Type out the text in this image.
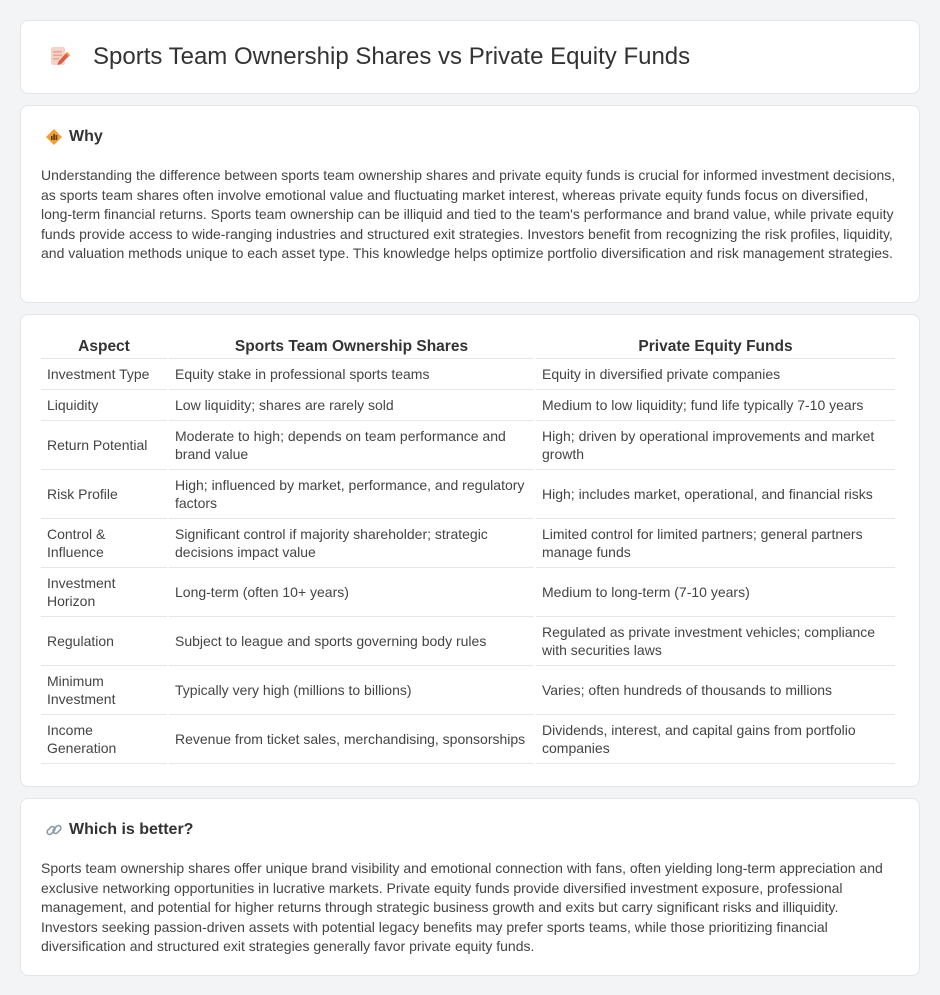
Sports Team Ownership Shares vs Private Equity Funds
Why

Understanding the difference between sports team ownership shares and private equity funds is crucial for informed investment decisions, as sports team shares often involve emotional value and fluctuating market interest, whereas private equity funds focus on diversified, long-term financial returns. Sports team ownership can be illiquid and tied to the team's performance and brand value, while private equity funds provide access to wide-ranging industries and structured exit strategies. Investors benefit from recognizing the risk profiles, liquidity, and valuation methods unique to each asset type. This knowledge helps optimize portfolio diversification and risk management strategies.

Aspect	Sports Team Ownership Shares	Private Equity Funds
Investment Type	Equity stake in professional sports teams	Equity in diversified private companies
Liquidity	Low liquidity; shares are rarely sold	Medium to low liquidity; fund life typically 7-10 years
Return Potential	Moderate to high; depends on team performance and brand value	High; driven by operational improvements and market growth
Risk Profile	High; influenced by market, performance, and regulatory factors	High; includes market, operational, and financial risks
Control & Influence	Significant control if majority shareholder; strategic decisions impact value	Limited control for limited partners; general partners manage funds
Investment Horizon	Long-term (often 10+ years)	Medium to long-term (7-10 years)
Regulation	Subject to league and sports governing body rules	Regulated as private investment vehicles; compliance with securities laws
Minimum Investment	Typically very high (millions to billions)	Varies; often hundreds of thousands to millions
Income Generation	Revenue from ticket sales, merchandising, sponsorships	Dividends, interest, and capital gains from portfolio companies
Which is better?

Sports team ownership shares offer unique brand visibility and emotional connection with fans, often yielding long-term appreciation and exclusive networking opportunities in lucrative markets. Private equity funds provide diversified investment exposure, professional management, and potential for higher returns through strategic business growth and exits but carry significant risks and illiquidity. Investors seeking passion-driven assets with potential legacy benefits may prefer sports teams, while those prioritizing financial diversification and structured exit strategies generally favor private equity funds.
